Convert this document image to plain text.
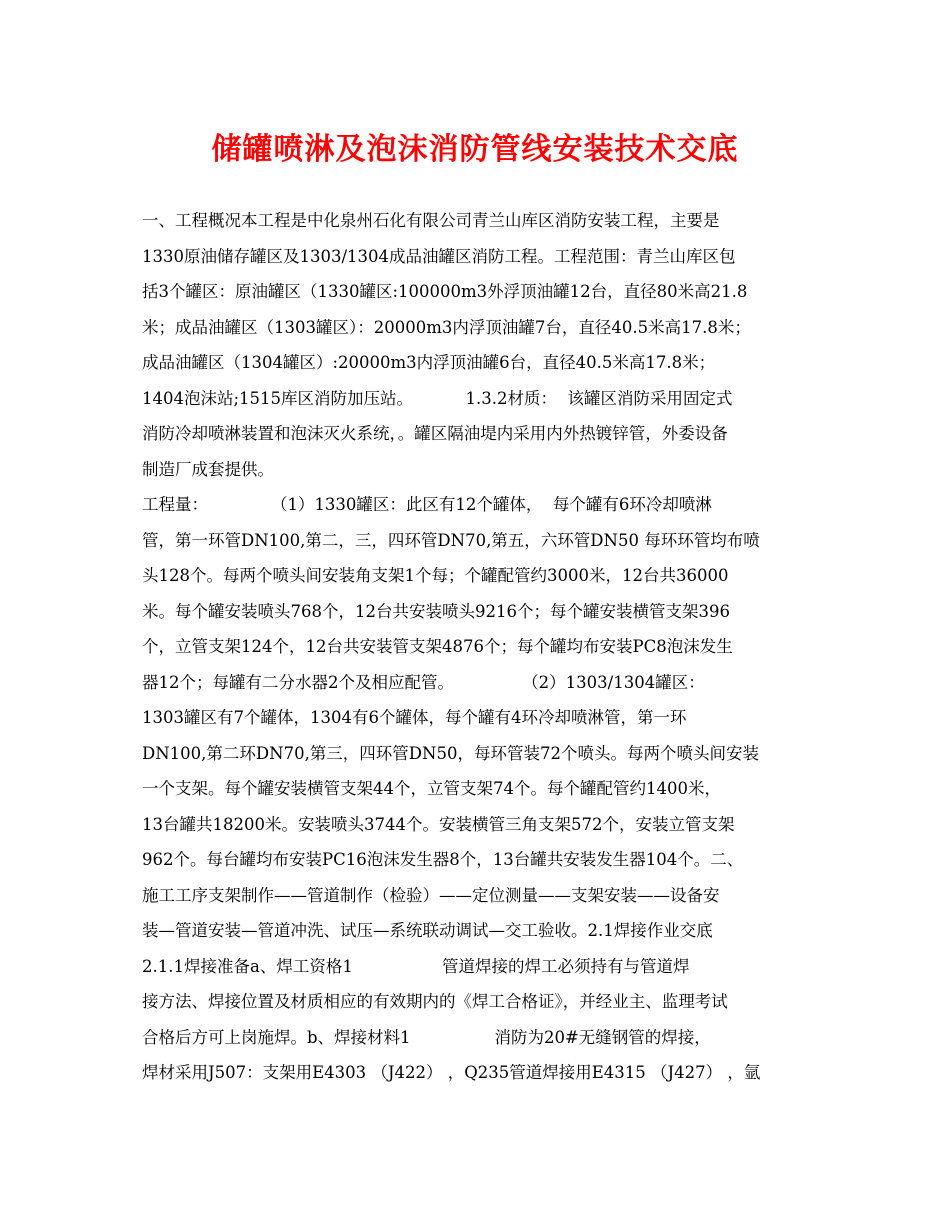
储罐喷淋及泡沫消防管线安装技术交底
一、工程概况本工程是中化泉州石化有限公司青兰山库区消防安装工程，主要是
1330原油储存罐区及1303/1304成品油罐区消防工程。工程范围：青兰山库区包
括3个罐区：原油罐区（1330罐区:100000m3外浮顶油罐12台，直径80米高21.8
米；成品油罐区（1303罐区）：20000m3内浮顶油罐7台，直径40.5米高17.8米；
成品油罐区（1304罐区）:20000m3内浮顶油罐6台，直径40.5米高17.8米；
1404泡沫站;1515库区消防加压站。          1.3.2材质：  该罐区消防采用固定式
消防冷却喷淋装置和泡沫灭火系统，。罐区隔油堤内采用内外热镀锌管，外委设备
制造厂成套提供。
工程量：            （1）1330罐区：此区有12个罐体，  每个罐有6环冷却喷淋
管，第一环管DN100,第二，三，四环管DN70,第五，六环管DN50 每环环管均布喷
头128个。每两个喷头间安装角支架1个每；个罐配管约3000米，12台共36000
米。每个罐安装喷头768个，12台共安装喷头9216个；每个罐安装横管支架396
个，立管支架124个，12台共安装管支架4876个；每个罐均布安装PC8泡沫发生
器12个；每罐有二分水器2个及相应配管。             （2）1303/1304罐区：
1303罐区有7个罐体，1304有6个罐体，每个罐有4环冷却喷淋管，第一环
DN100,第二环DN70,第三，四环管DN50，每环管装72个喷头。每两个喷头间安装
一个支架。每个罐安装横管支架44个，立管支架74个。每个罐配管约1400米，
13台罐共18200米。安装喷头3744个。安装横管三角支架572个，安装立管支架
962个。每台罐均布安装PC16泡沫发生器8个，13台罐共安装发生器104个。二、
施工工序支架制作——管道制作（检验）——定位测量——支架安装——设备安
装—管道安装—管道冲洗、试压—系统联动调试—交工验收。2.1焊接作业交底
2.1.1焊接准备a、焊工资格1                 管道焊接的焊工必须持有与管道焊
接方法、焊接位置及材质相应的有效期内的《焊工合格证》，并经业主、监理考试
合格后方可上岗施焊。b、焊接材料1                消防为20#无缝钢管的焊接，
焊材采用J507：支架用E4303 （J422） ，Q235管道焊接用E4315 （J427） ，氩
